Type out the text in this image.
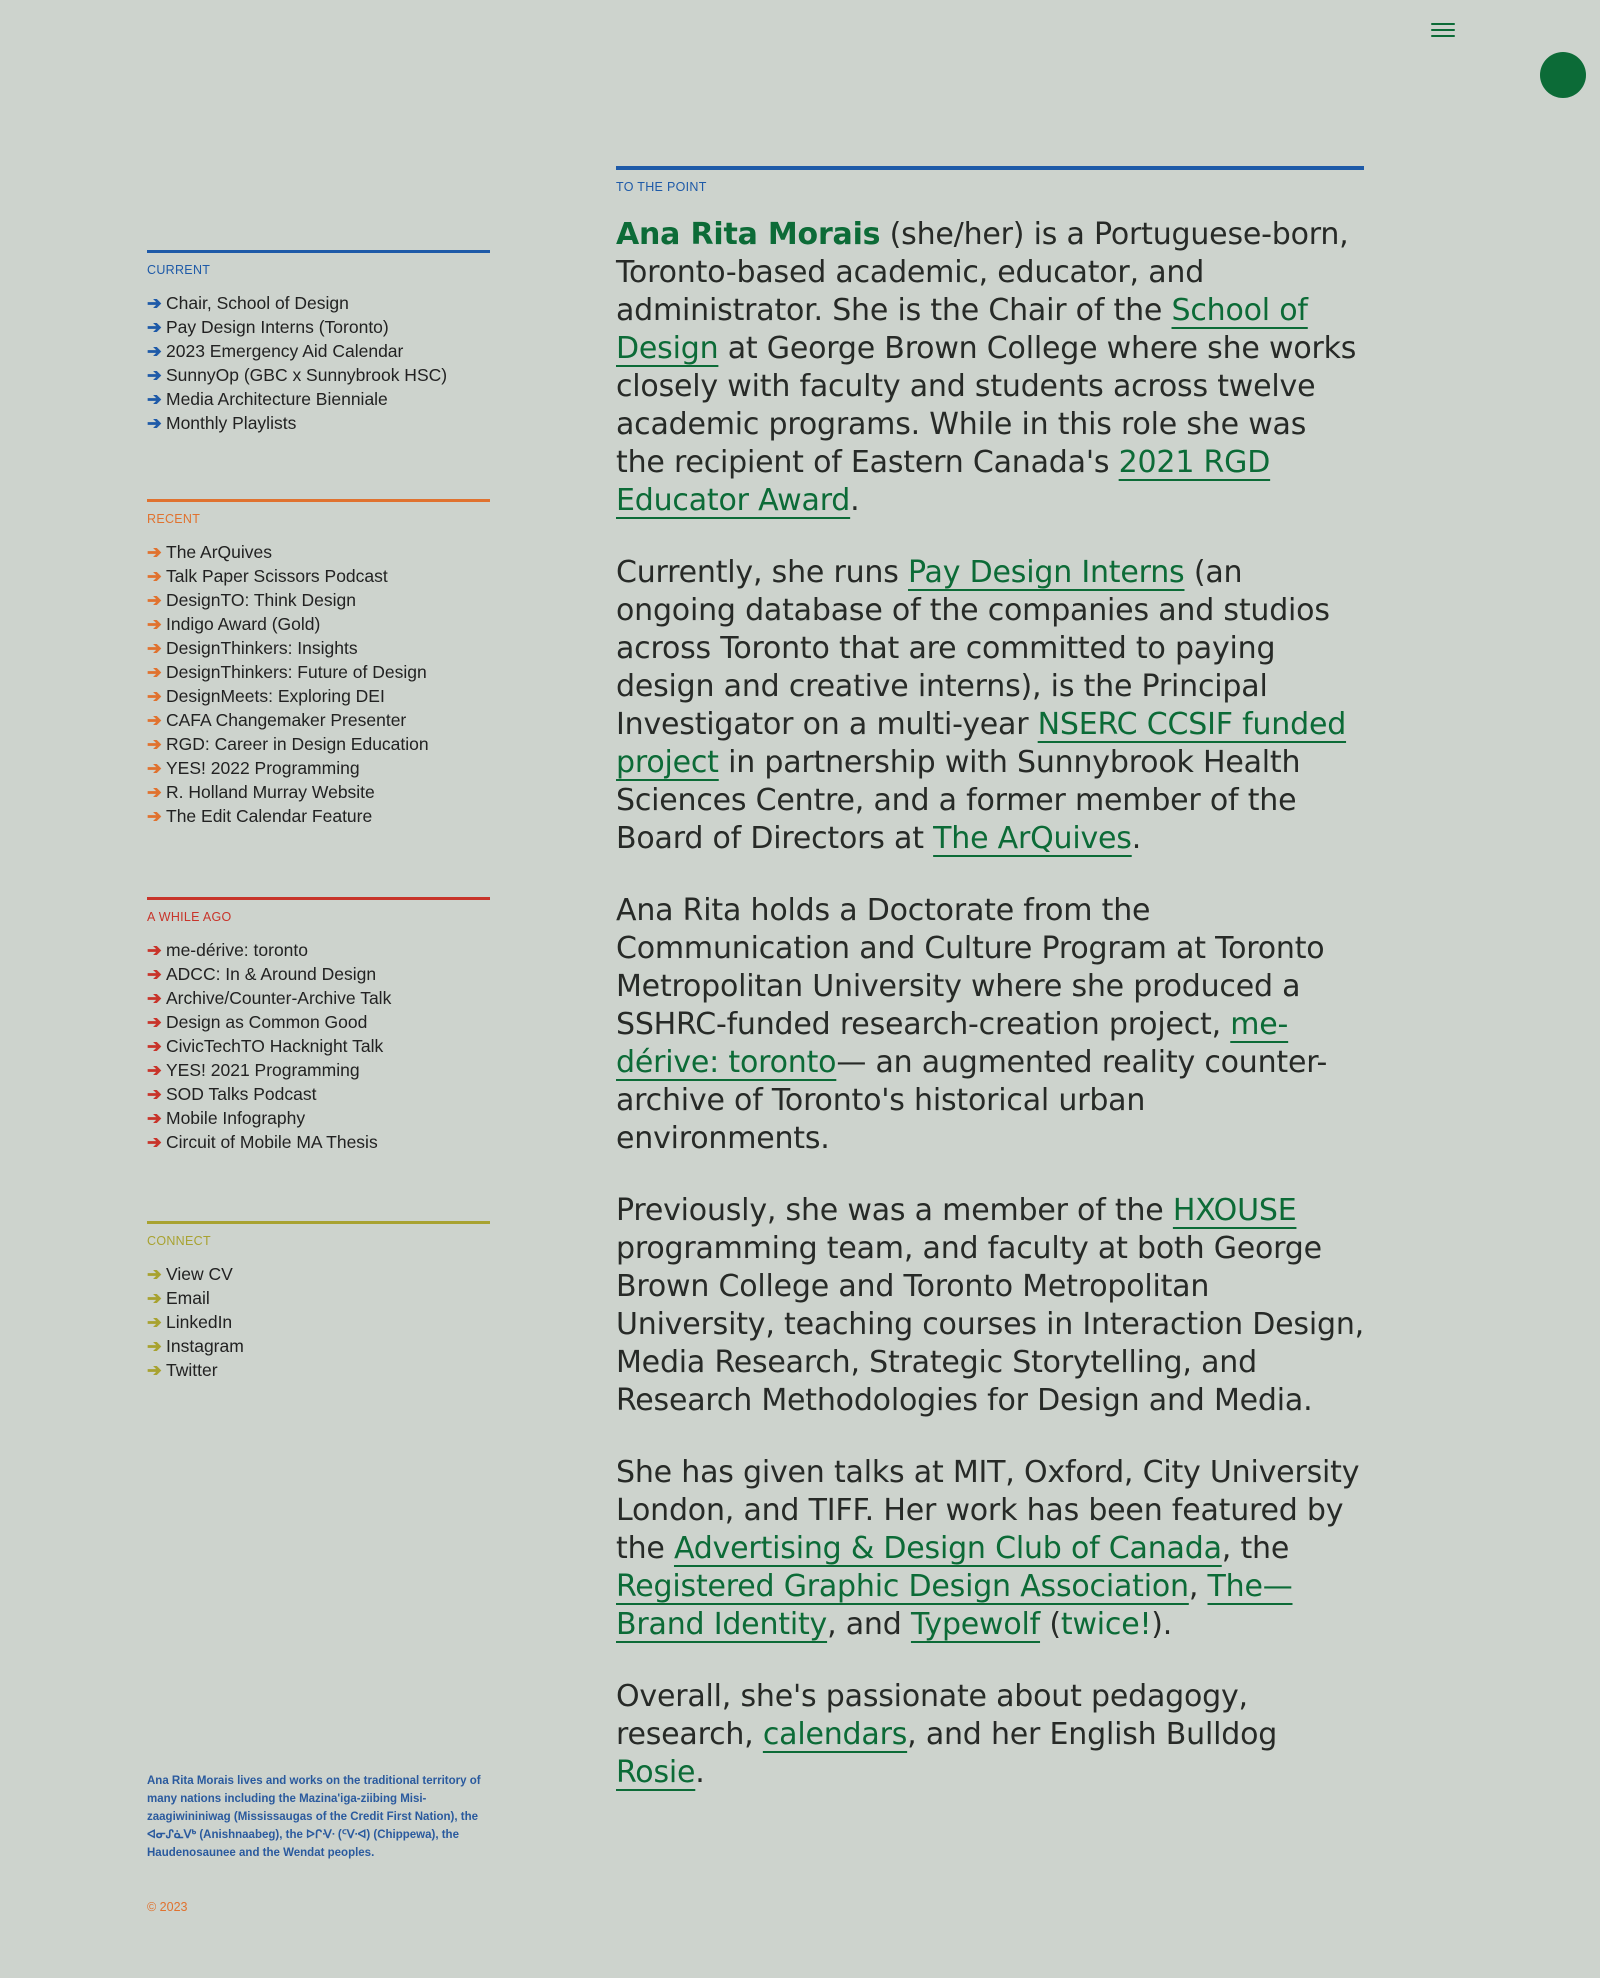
CURRENT
➔ Chair, School of Design
➔ Pay Design Interns (Toronto)
➔ 2023 Emergency Aid Calendar
➔ SunnyOp (GBC x Sunnybrook HSC)
➔ Media Architecture Bienniale
➔ Monthly Playlists
RECENT
➔ The ArQuives
➔ Talk Paper Scissors Podcast
➔ DesignTO: Think Design
➔ Indigo Award (Gold)
➔ DesignThinkers: Insights
➔ DesignThinkers: Future of Design
➔ DesignMeets: Exploring DEI
➔ CAFA Changemaker Presenter
➔ RGD: Career in Design Education
➔ YES! 2022 Programming
➔ R. Holland Murray Website
➔ The Edit Calendar Feature
A WHILE AGO
➔ me-dérive: toronto
➔ ADCC: In & Around Design
➔ Archive/Counter-Archive Talk
➔ Design as Common Good
➔ CivicTechTO Hacknight Talk
➔ YES! 2021 Programming
➔ SOD Talks Podcast
➔ Mobile Infography
➔ Circuit of Mobile MA Thesis
CONNECT
➔ View CV
➔ Email
➔ LinkedIn
➔ Instagram
➔ Twitter

Ana Rita Morais lives and works on the traditional territory of many nations including the Mazina'iga-ziibing Misi-zaagiwininiwag (Mississaugas of the Credit First Nation), the ᐊᓂᔑᓈᐯᒃ (Anishnaabeg), the ᐅᒋᐺᐧ (ᑦᐯᐧᐊ) (Chippewa), the Haudenosaunee and the Wendat peoples.

© 2023
TO THE POINT

Ana Rita Morais (she/her) is a Portuguese-born, Toronto-based academic, educator, and administrator. She is the Chair of the School of Design at George Brown College where she works closely with faculty and students across twelve academic programs. While in this role she was the recipient of Eastern Canada's 2021 RGD Educator Award.

Currently, she runs Pay Design Interns (an ongoing database of the companies and studios across Toronto that are committed to paying design and creative interns), is the Principal Investigator on a multi-year NSERC CCSIF funded project in partnership with Sunnybrook Health Sciences Centre, and a former member of the Board of Directors at The ArQuives.

Ana Rita holds a Doctorate from the Communication and Culture Program at Toronto Metropolitan University where she produced a SSHRC-funded research-creation project, me-dérive: toronto— an augmented reality counter-archive of Toronto's historical urban environments.

Previously, she was a member of the HXOUSE programming team, and faculty at both George Brown College and Toronto Metropolitan University, teaching courses in Interaction Design, Media Research, Strategic Storytelling, and Research Methodologies for Design and Media.

She has given talks at MIT, Oxford, City University London, and TIFF. Her work has been featured by the Advertising & Design Club of Canada, the Registered Graphic Design Association, The—Brand Identity, and Typewolf (twice!).

Overall, she's passionate about pedagogy, research, calendars, and her English Bulldog Rosie.
